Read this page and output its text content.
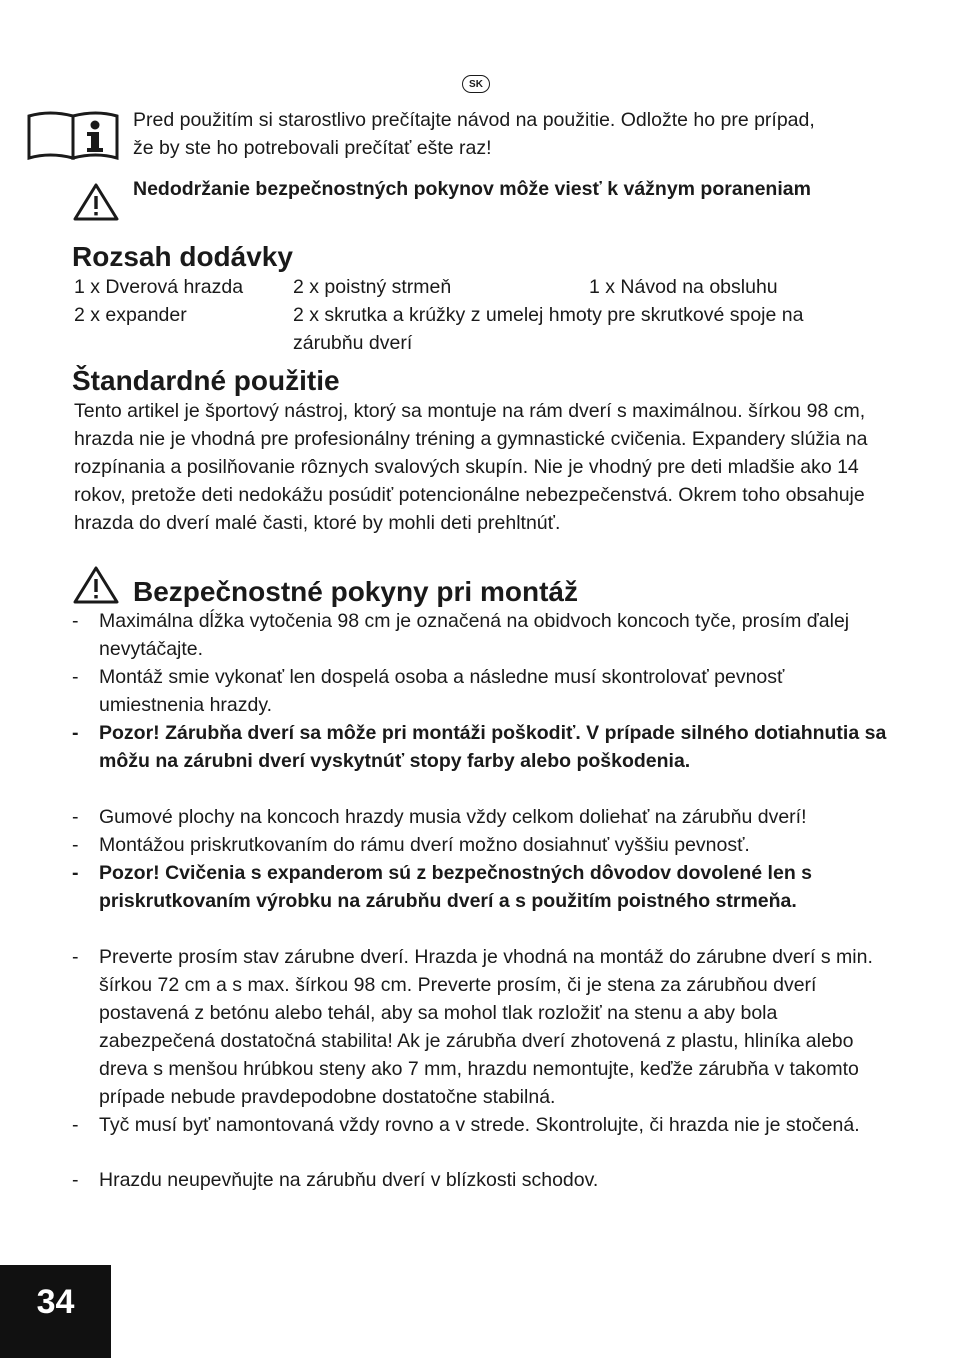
SK
Pred použitím si starostlivo prečítajte návod na použitie. Odložte ho pre prípad, že by ste ho potrebovali prečítať ešte raz!
Nedodržanie bezpečnostných pokynov môže viesť k vážnym poraneniam
Rozsah dodávky
1 x Dverová hrazda	2 x poistný strmeň	1 x Návod na obsluhu
2 x expander	2 x skrutka a krúžky z umelej hmoty pre skrutkové spoje na zárubňu dverí
Štandardné použitie
Tento artikel je športový nástroj, ktorý sa montuje na rám dverí s maximálnou. šírkou 98 cm, hrazda nie je vhodná pre profesionálny tréning a gymnastické cvičenia. Expandery slúžia na rozpínania a posilňovanie rôznych svalových skupín. Nie je vhodný pre deti mladšie ako 14 rokov, pretože deti nedokážu posúdiť potencionálne nebezpečenstvá. Okrem toho obsahuje hrazda do dverí malé časti, ktoré by mohli deti prehltnúť.
Bezpečnostné pokyny pri montáž
-	Maximálna dĺžka vytočenia 98 cm je označená na obidvoch koncoch tyče, prosím ďalej nevytáčajte.
-	Montáž smie vykonať len dospelá osoba a následne musí skontrolovať pevnosť umiestnenia hrazdy.
-	Pozor! Zárubňa dverí sa môže pri montáži poškodiť. V prípade silného dotiahnutia sa môžu na zárubni dverí vyskytnúť stopy farby alebo poškodenia.
-	Gumové plochy na koncoch hrazdy musia vždy celkom doliehať na zárubňu dverí!
-	Montážou priskrutkovaním do rámu dverí možno dosiahnuť vyššiu pevnosť.
-	Pozor! Cvičenia s expanderom sú z bezpečnostných dôvodov dovolené len s priskrutkovaním výrobku na zárubňu dverí a s použitím poistného strmeňa.
-	Preverte prosím stav zárubne dverí. Hrazda je vhodná na montáž do zárubne dverí s min. šírkou 72 cm a s max. šírkou 98 cm. Preverte prosím, či je stena za zárubňou dverí postavená z betónu alebo tehál, aby sa mohol tlak rozložiť na stenu a aby bola zabezpečená dostatočná stabilita! Ak je zárubňa dverí zhotovená z plastu, hliníka alebo dreva s menšou hrúbkou steny ako 7 mm, hrazdu nemontujte, keďže zárubňa v takomto prípade nebude pravdepodobne dostatočne stabilná.
-	Tyč musí byť namontovaná vždy rovno a v strede. Skontrolujte, či hrazda nie je stočená.
-	Hrazdu neupevňujte na zárubňu dverí v blízkosti schodov.
34
